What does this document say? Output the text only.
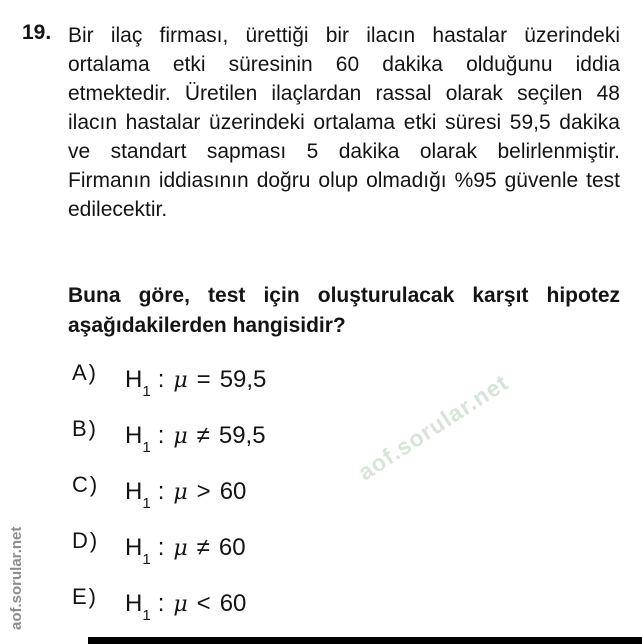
aof.sorular.net
aof.sorular.net
19. Bir ilaç firması, ürettiği bir ilacın hastalar üzerindeki ortalama etki süresinin 60 dakika olduğunu iddia etmektedir. Üretilen ilaçlardan rassal olarak seçilen 48 ilacın hastalar üzerindeki ortalama etki süresi 59,5 dakika ve standart sapması 5 dakika olarak belirlenmiştir. Firmanın iddiasının doğru olup olmadığı %95 güvenle test edilecektir.
Buna göre, test için oluşturulacak karşıt hipotez aşağıdakilerden hangisidir?
A)	$H_1$ : μ = 59,5
B)	$H_1$ : μ ≠ 59,5
C)	$H_1$ : μ > 60
D)	$H_1$ : μ ≠ 60
E)	$H_1$ : μ < 60
